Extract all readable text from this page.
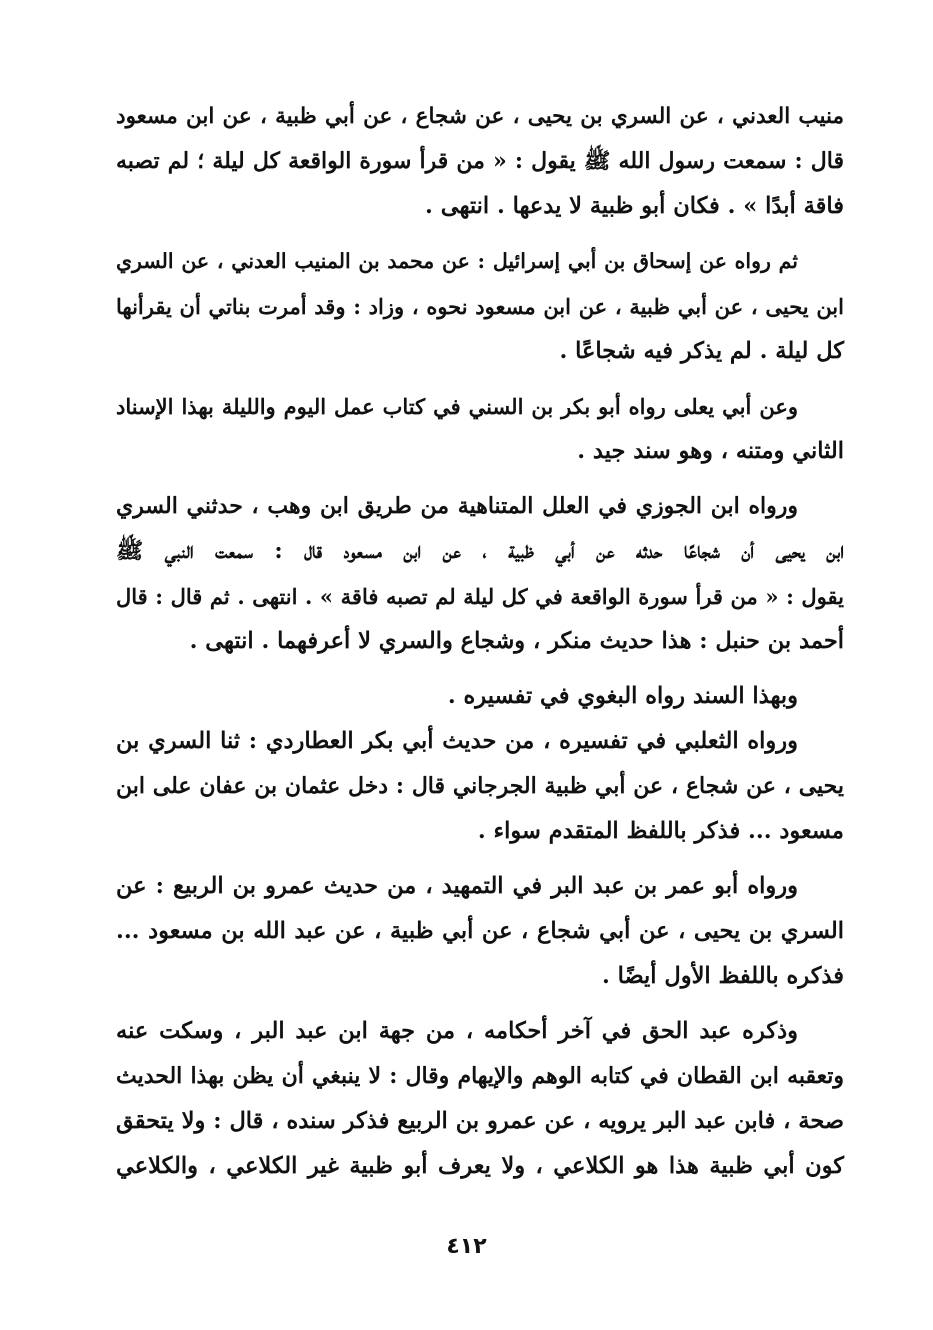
منيب العدني ، عن السري بن يحيى ، عن شجاع ، عن أبي ظبية ، عن ابن مسعود
قال : سمعت رسول الله ﷺ يقول : « من قرأ سورة الواقعة كل ليلة ؛ لم تصبه
فاقة أبدًا » . فكان أبو ظبية لا يدعها . انتهى .
ثم رواه عن إسحاق بن أبي إسرائيل : عن محمد بن المنيب العدني ، عن السري
ابن يحيى ، عن أبي ظبية ، عن ابن مسعود نحوه ، وزاد : وقد أمرت بناتي أن يقرأنها
كل ليلة . لم يذكر فيه شجاعًا .
وعن أبي يعلى رواه أبو بكر بن السني في كتاب عمل اليوم والليلة بهذا الإسناد
الثاني ومتنه ، وهو سند جيد .
ورواه ابن الجوزي في العلل المتناهية من طريق ابن وهب ، حدثني السري
ابن يحيى أن شجاعًا حدثه عن أبي ظبية ، عن ابن مسعود قال : سمعت النبي ﷺ
يقول : « من قرأ سورة الواقعة في كل ليلة لم تصبه فاقة » . انتهى . ثم قال : قال
أحمد بن حنبل : هذا حديث منكر ، وشجاع والسري لا أعرفهما . انتهى .
وبهذا السند رواه البغوي في تفسيره .
ورواه الثعلبي في تفسيره ، من حديث أبي بكر العطاردي : ثنا السري بن
يحيى ، عن شجاع ، عن أبي ظبية الجرجاني قال : دخل عثمان بن عفان على ابن
مسعود ... فذكر باللفظ المتقدم سواء .
ورواه أبو عمر بن عبد البر في التمهيد ، من حديث عمرو بن الربيع : عن
السري بن يحيى ، عن أبي شجاع ، عن أبي ظبية ، عن عبد الله بن مسعود ...
فذكره باللفظ الأول أيضًا .
وذكره عبد الحق في آخر أحكامه ، من جهة ابن عبد البر ، وسكت عنه
وتعقبه ابن القطان في كتابه الوهم والإيهام وقال : لا ينبغي أن يظن بهذا الحديث
صحة ، فابن عبد البر يرويه ، عن عمرو بن الربيع فذكر سنده ، قال : ولا يتحقق
كون أبي ظبية هذا هو الكلاعي ، ولا يعرف أبو ظبية غير الكلاعي ، والكلاعي
٤١٢
